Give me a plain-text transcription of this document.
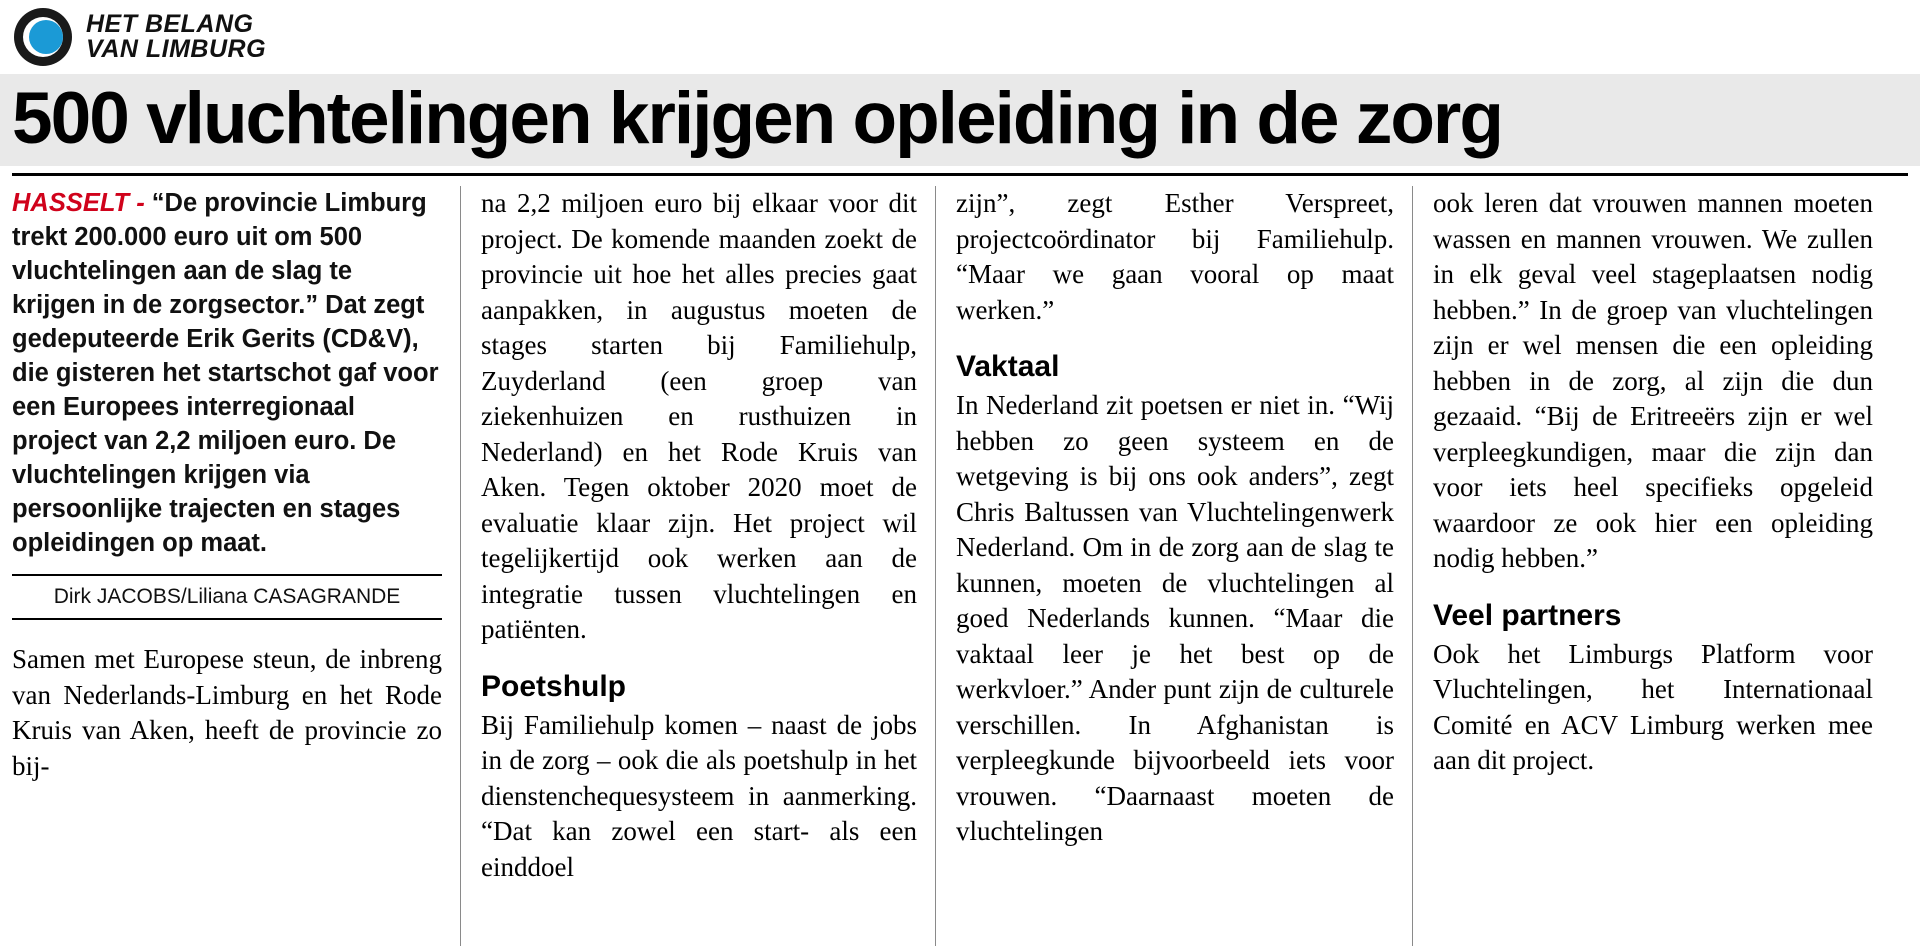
HET BELANG
VAN LIMBURG
500 vluchtelingen krijgen opleiding in de zorg

HASSELT - “De provincie Limburg trekt 200.000 euro uit om 500 vluchtelingen aan de slag te krijgen in de zorgsector.” Dat zegt gedeputeerde Erik Gerits (CD&V), die gisteren het startschot gaf voor een Europees interregionaal project van 2,2 miljoen euro. De vluchtelingen krijgen via persoonlijke trajecten en stages opleidingen op maat.

Dirk JACOBS/Liliana CASAGRANDE

Samen met Europese steun, de inbreng van Nederlands-Limburg en het Rode Kruis van Aken, heeft de provincie zo bij-

na 2,2 miljoen euro bij elkaar voor dit project. De komende maanden zoekt de provincie uit hoe het alles precies gaat aanpakken, in augustus moeten de stages starten bij Familiehulp, Zuyderland (een groep van ziekenhuizen en rusthuizen in Nederland) en het Rode Kruis van Aken. Tegen oktober 2020 moet de evaluatie klaar zijn. Het project wil tegelijkertijd ook werken aan de integratie tussen vluchtelingen en patiënten.

Poetshulp

Bij Familiehulp komen – naast de jobs in de zorg – ook die als poetshulp in het dienstenchequesysteem in aanmerking. “Dat kan zowel een start- als een einddoel

zijn”, zegt Esther Verspreet, projectcoördinator bij Familiehulp. “Maar we gaan vooral op maat werken.”

Vaktaal

In Nederland zit poetsen er niet in. “Wij hebben zo geen systeem en de wetgeving is bij ons ook anders”, zegt Chris Baltussen van Vluchtelingenwerk Nederland. Om in de zorg aan de slag te kunnen, moeten de vluchtelingen al goed Nederlands kunnen. “Maar die vaktaal leer je het best op de werkvloer.” Ander punt zijn de culturele verschillen. In Afghanistan is verpleegkunde bijvoorbeeld iets voor vrouwen. “Daarnaast moeten de vluchtelingen

ook leren dat vrouwen mannen moeten wassen en mannen vrouwen. We zullen in elk geval veel stageplaatsen nodig hebben.” In de groep van vluchtelingen zijn er wel mensen die een opleiding hebben in de zorg, al zijn die dun gezaaid. “Bij de Eritreeërs zijn er wel verpleegkundigen, maar die zijn dan voor iets heel specifieks opgeleid waardoor ze ook hier een opleiding nodig hebben.”

Veel partners

Ook het Limburgs Platform voor Vluchtelingen, het Internationaal Comité en ACV Limburg werken mee aan dit project.
